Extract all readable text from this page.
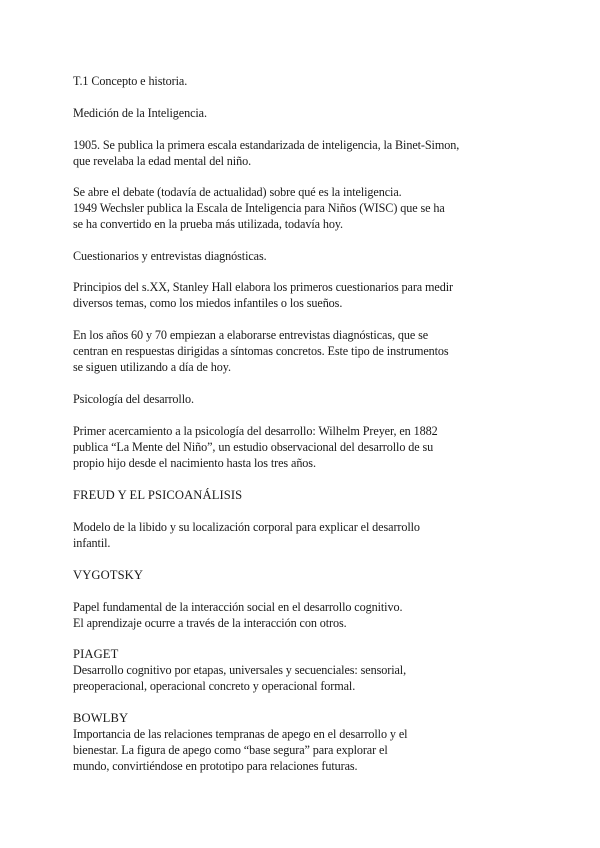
T.1 Concepto e historia.
Medición de la Inteligencia.
1905. Se publica la primera escala estandarizada de inteligencia, la Binet-Simon,
que revelaba la edad mental del niño.
Se abre el debate (todavía de actualidad) sobre qué es la inteligencia.
1949 Wechsler publica la Escala de Inteligencia para Niños (WISC) que se ha
se ha convertido en la prueba más utilizada, todavía hoy.
Cuestionarios y entrevistas diagnósticas.
Principios del s.XX, Stanley Hall elabora los primeros cuestionarios para medir
diversos temas, como los miedos infantiles o los sueños.
En los años 60 y 70 empiezan a elaborarse entrevistas diagnósticas, que se
centran en respuestas dirigidas a síntomas concretos. Este tipo de instrumentos
se siguen utilizando a día de hoy.
Psicología del desarrollo.
Primer acercamiento a la psicología del desarrollo: Wilhelm Preyer, en 1882
publica “La Mente del Niño”, un estudio observacional del desarrollo de su
propio hijo desde el nacimiento hasta los tres años.
FREUD Y EL PSICOANÁLISIS
Modelo de la libido y su localización corporal para explicar el desarrollo
infantil.
VYGOTSKY
Papel fundamental de la interacción social en el desarrollo cognitivo.
El aprendizaje ocurre a través de la interacción con otros.
PIAGET
Desarrollo cognitivo por etapas, universales y secuenciales: sensorial,
preoperacional, operacional concreto y operacional formal.
BOWLBY
Importancia de las relaciones tempranas de apego en el desarrollo y el
bienestar. La figura de apego como “base segura” para explorar el
mundo, convirtiéndose en prototipo para relaciones futuras.
